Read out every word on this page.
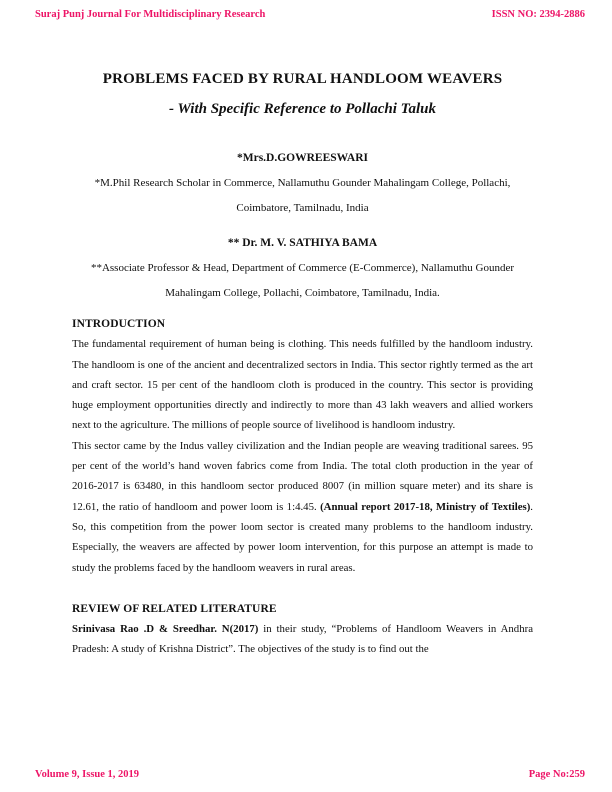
Suraj Punj Journal For Multidisciplinary Research	ISSN NO: 2394-2886
PROBLEMS FACED BY RURAL HANDLOOM WEAVERS
- With Specific Reference to Pollachi Taluk
*Mrs.D.GOWREESWARI
*M.Phil Research Scholar in Commerce, Nallamuthu Gounder Mahalingam College, Pollachi, Coimbatore, Tamilnadu, India
** Dr. M. V. SATHIYA BAMA
**Associate Professor & Head, Department of Commerce (E-Commerce), Nallamuthu Gounder Mahalingam College, Pollachi, Coimbatore, Tamilnadu, India.
INTRODUCTION

The fundamental requirement of human being is clothing. This needs fulfilled by the handloom industry. The handloom is one of the ancient and decentralized sectors in India. This sector rightly termed as the art and craft sector. 15 per cent of the handloom cloth is produced in the country. This sector is providing huge employment opportunities directly and indirectly to more than 43 lakh weavers and allied workers next to the agriculture. The millions of people source of livelihood is handloom industry.

This sector came by the Indus valley civilization and the Indian people are weaving traditional sarees. 95 per cent of the world’s hand woven fabrics come from India. The total cloth production in the year of 2016-2017 is 63480, in this handloom sector produced 8007 (in million square meter) and its share is 12.61, the ratio of handloom and power loom is 1:4.45. (Annual report 2017-18, Ministry of Textiles). So, this competition from the power loom sector is created many problems to the handloom industry. Especially, the weavers are affected by power loom intervention, for this purpose an attempt is made to study the problems faced by the handloom weavers in rural areas.

REVIEW OF RELATED LITERATURE

Srinivasa Rao .D & Sreedhar. N(2017) in their study, “Problems of Handloom Weavers in Andhra Pradesh: A study of Krishna District”. The objectives of the study is to find out the

Volume 9, Issue 1, 2019	Page No:259
